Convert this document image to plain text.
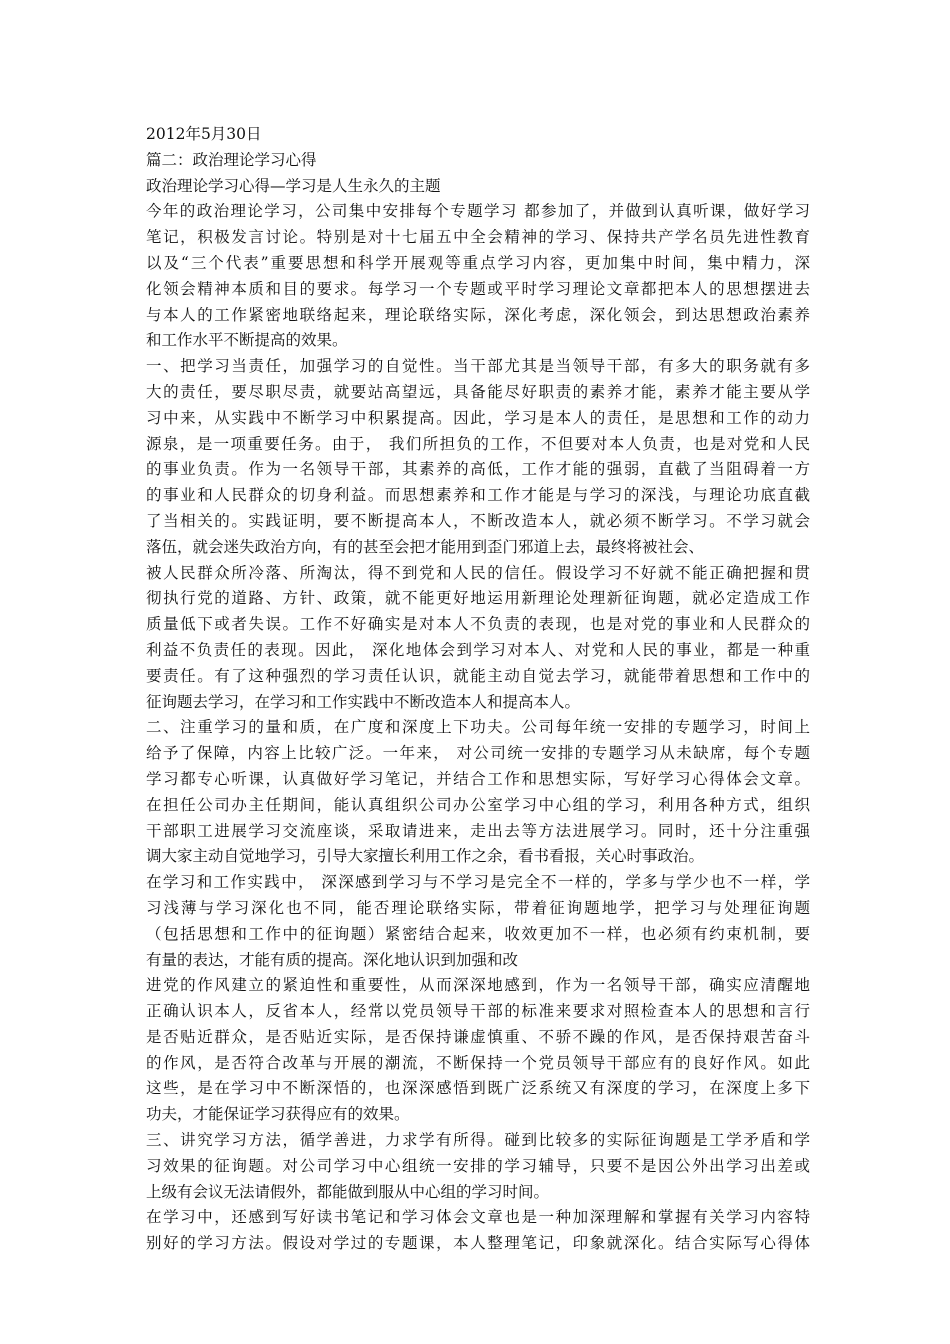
2012年5月30日
篇二：政治理论学习心得
政治理论学习心得—学习是人生永久的主题
今年的政治理论学习，公司集中安排每个专题学习 都参加了，并做到认真听课，做好学习
笔记，积极发言讨论。特别是对十七届五中全会精神的学习、保持共产学名员先进性教育
以及“三个代表”重要思想和科学开展观等重点学习内容，更加集中时间，集中精力，深
化领会精神本质和目的要求。每学习一个专题或平时学习理论文章都把本人的思想摆进去
与本人的工作紧密地联络起来，理论联络实际，深化考虑，深化领会，到达思想政治素养
和工作水平不断提高的效果。
一、把学习当责任，加强学习的自觉性。当干部尤其是当领导干部，有多大的职务就有多
大的责任，要尽职尽责，就要站高望远，具备能尽好职责的素养才能，素养才能主要从学
习中来，从实践中不断学习中积累提高。因此，学习是本人的责任，是思想和工作的动力
源泉，是一项重要任务。由于， 我们所担负的工作，不但要对本人负责，也是对党和人民
的事业负责。作为一名领导干部，其素养的高低，工作才能的强弱，直截了当阻碍着一方
的事业和人民群众的切身利益。而思想素养和工作才能是与学习的深浅，与理论功底直截
了当相关的。实践证明，要不断提高本人，不断改造本人，就必须不断学习。不学习就会
落伍，就会迷失政治方向，有的甚至会把才能用到歪门邪道上去，最终将被社会、
被人民群众所冷落、所淘汰，得不到党和人民的信任。假设学习不好就不能正确把握和贯
彻执行党的道路、方针、政策，就不能更好地运用新理论处理新征询题，就必定造成工作
质量低下或者失误。工作不好确实是对本人不负责的表现，也是对党的事业和人民群众的
利益不负责任的表现。因此， 深化地体会到学习对本人、对党和人民的事业，都是一种重
要责任。有了这种强烈的学习责任认识，就能主动自觉去学习，就能带着思想和工作中的
征询题去学习，在学习和工作实践中不断改造本人和提高本人。
二、注重学习的量和质，在广度和深度上下功夫。公司每年统一安排的专题学习，时间上
给予了保障，内容上比较广泛。一年来， 对公司统一安排的专题学习从未缺席，每个专题
学习都专心听课，认真做好学习笔记，并结合工作和思想实际，写好学习心得体会文章。
在担任公司办主任期间，能认真组织公司办公室学习中心组的学习，利用各种方式，组织
干部职工进展学习交流座谈，采取请进来，走出去等方法进展学习。同时，还十分注重强
调大家主动自觉地学习，引导大家擅长利用工作之余，看书看报，关心时事政治。
在学习和工作实践中， 深深感到学习与不学习是完全不一样的，学多与学少也不一样，学
习浅薄与学习深化也不同，能否理论联络实际，带着征询题地学，把学习与处理征询题
（包括思想和工作中的征询题）紧密结合起来，收效更加不一样，也必须有约束机制，要
有量的表达，才能有质的提高。深化地认识到加强和改
进党的作风建立的紧迫性和重要性，从而深深地感到，作为一名领导干部，确实应清醒地
正确认识本人，反省本人，经常以党员领导干部的标准来要求对照检查本人的思想和言行
是否贴近群众，是否贴近实际，是否保持谦虚慎重、不骄不躁的作风，是否保持艰苦奋斗
的作风，是否符合改革与开展的潮流，不断保持一个党员领导干部应有的良好作风。如此
这些，是在学习中不断深悟的，也深深感悟到既广泛系统又有深度的学习，在深度上多下
功夫，才能保证学习获得应有的效果。
三、讲究学习方法，循学善进，力求学有所得。碰到比较多的实际征询题是工学矛盾和学
习效果的征询题。对公司学习中心组统一安排的学习辅导，只要不是因公外出学习出差或
上级有会议无法请假外，都能做到服从中心组的学习时间。
在学习中，还感到写好读书笔记和学习体会文章也是一种加深理解和掌握有关学习内容特
别好的学习方法。假设对学过的专题课，本人整理笔记，印象就深化。结合实际写心得体
